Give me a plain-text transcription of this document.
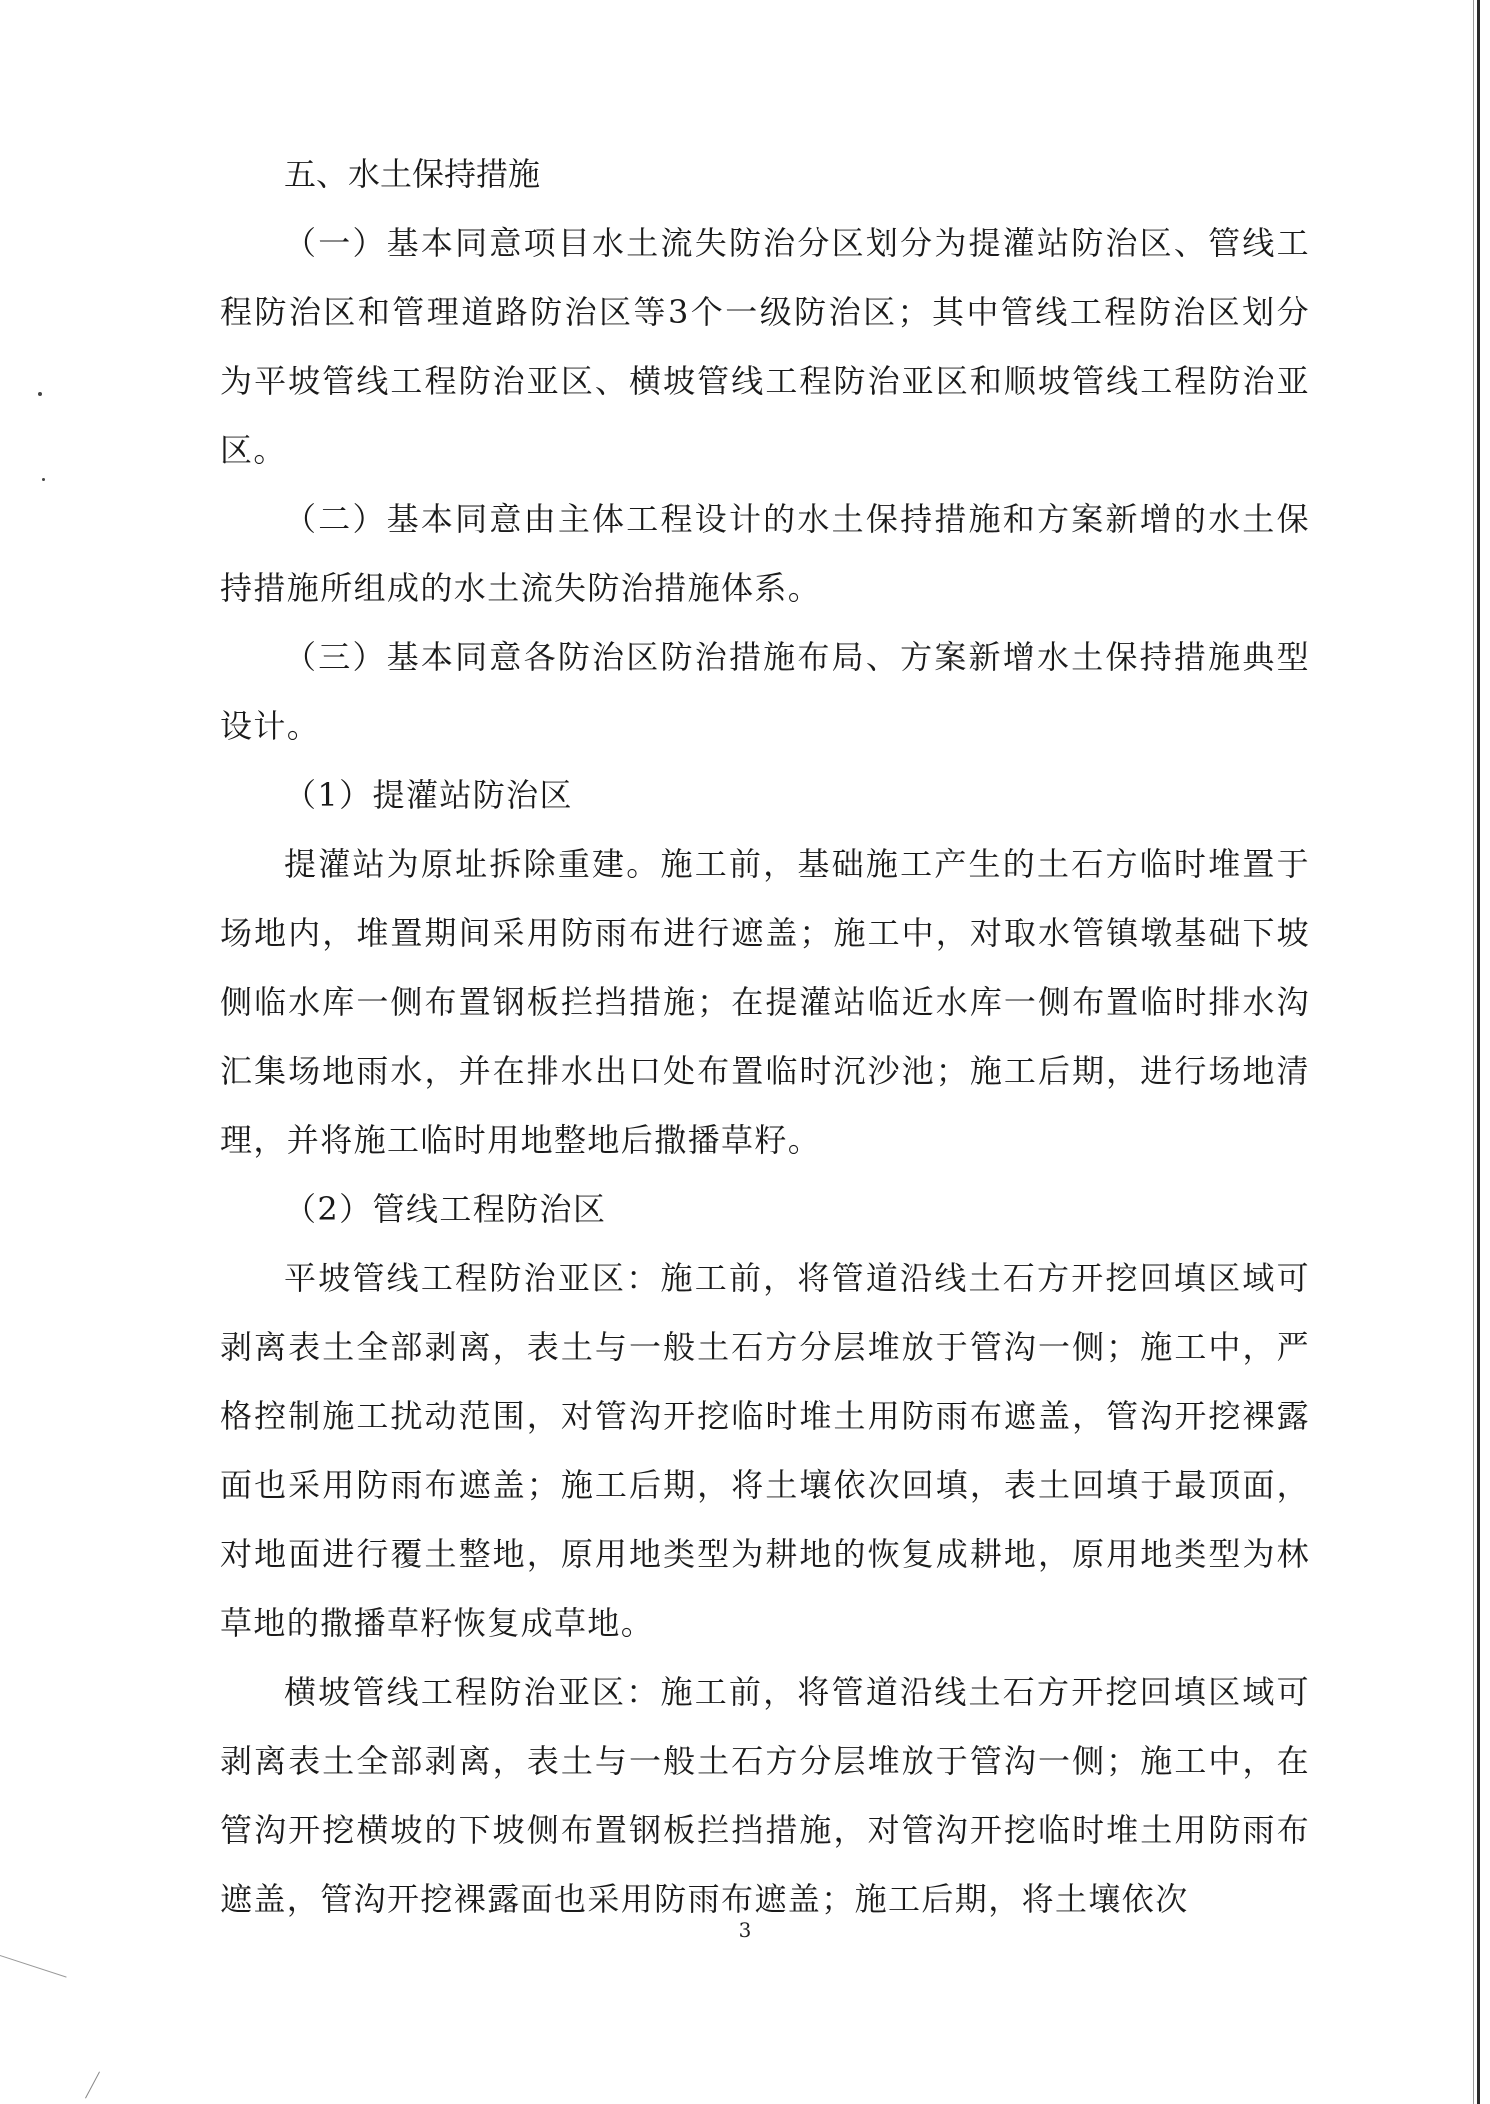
五、水土保持措施

（一）基本同意项目水土流失防治分区划分为提灌站防治区、管线工程防治区和管理道路防治区等3个一级防治区；其中管线工程防治区划分为平坡管线工程防治亚区、横坡管线工程防治亚区和顺坡管线工程防治亚区。

（二）基本同意由主体工程设计的水土保持措施和方案新增的水土保持措施所组成的水土流失防治措施体系。

（三）基本同意各防治区防治措施布局、方案新增水土保持措施典型设计。

（1）提灌站防治区

提灌站为原址拆除重建。施工前，基础施工产生的土石方临时堆置于场地内，堆置期间采用防雨布进行遮盖；施工中，对取水管镇墩基础下坡侧临水库一侧布置钢板拦挡措施；在提灌站临近水库一侧布置临时排水沟汇集场地雨水，并在排水出口处布置临时沉沙池；施工后期，进行场地清理，并将施工临时用地整地后撒播草籽。

（2）管线工程防治区

平坡管线工程防治亚区：施工前，将管道沿线土石方开挖回填区域可剥离表土全部剥离，表土与一般土石方分层堆放于管沟一侧；施工中，严格控制施工扰动范围，对管沟开挖临时堆土用防雨布遮盖，管沟开挖裸露面也采用防雨布遮盖；施工后期，将土壤依次回填，表土回填于最顶面，对地面进行覆土整地，原用地类型为耕地的恢复成耕地，原用地类型为林草地的撒播草籽恢复成草地。

横坡管线工程防治亚区：施工前，将管道沿线土石方开挖回填区域可剥离表土全部剥离，表土与一般土石方分层堆放于管沟一侧；施工中，在管沟开挖横坡的下坡侧布置钢板拦挡措施，对管沟开挖临时堆土用防雨布遮盖，管沟开挖裸露面也采用防雨布遮盖；施工后期，将土壤依次

3
